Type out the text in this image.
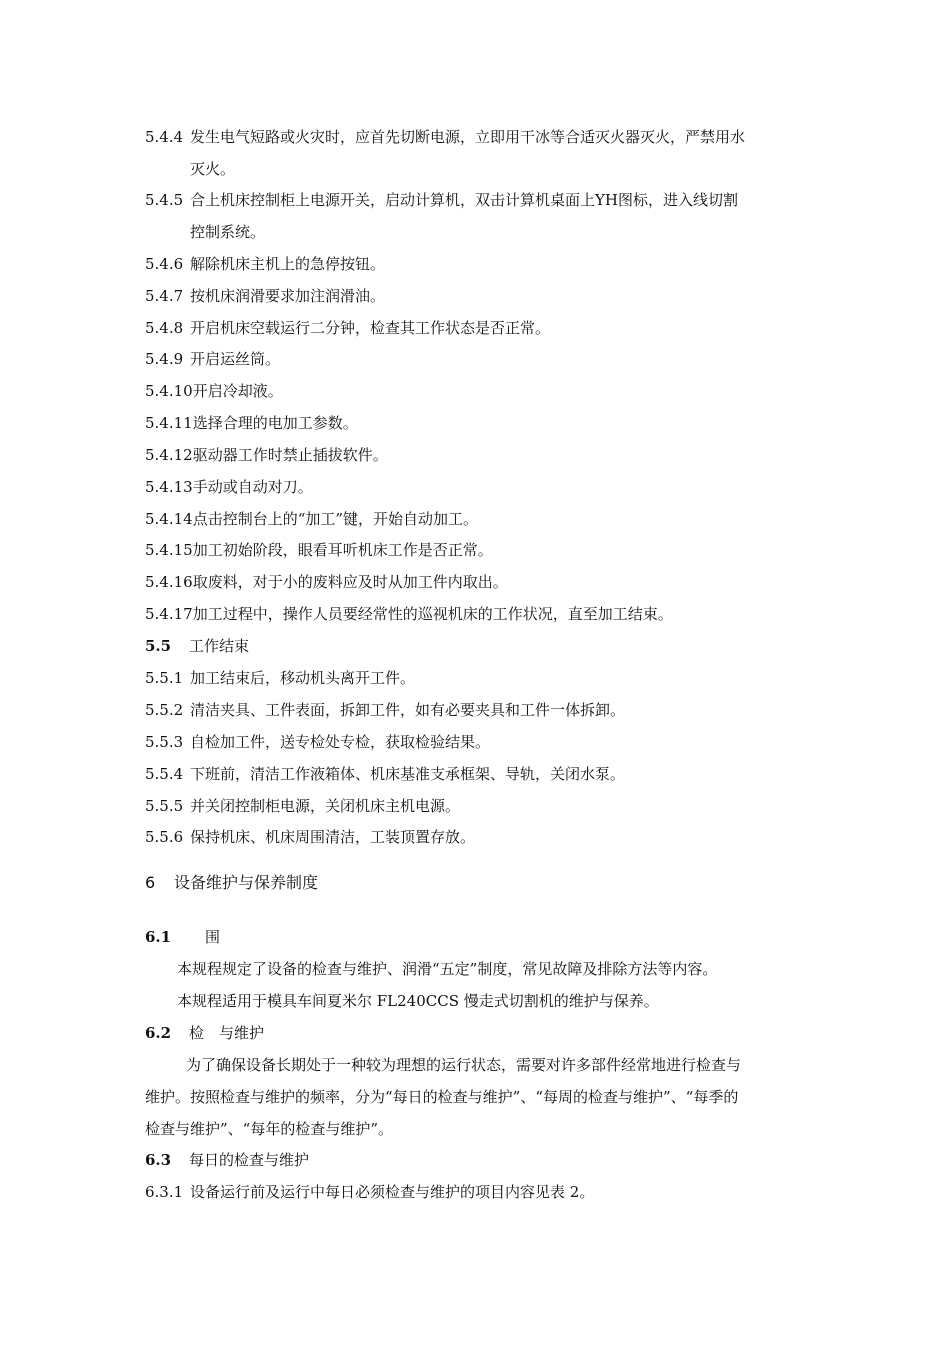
5.4.4 发生电气短路或火灾时，应首先切断电源，立即用干冰等合适灭火器灭火，严禁用水
灭火。
5.4.5 合上机床控制柜上电源开关，启动计算机，双击计算机桌面上YH图标，进入线切割
控制系统。
5.4.6 解除机床主机上的急停按钮。
5.4.7 按机床润滑要求加注润滑油。
5.4.8 开启机床空载运行二分钟，检查其工作状态是否正常。
5.4.9 开启运丝筒。
5.4.10开启冷却液。
5.4.11选择合理的电加工参数。
5.4.12驱动器工作时禁止插拔软件。
5.4.13手动或自动对刀。
5.4.14点击控制台上的“加工”键，开始自动加工。
5.4.15加工初始阶段，眼看耳听机床工作是否正常。
5.4.16取废料，对于小的废料应及时从加工件内取出。
5.4.17加工过程中，操作人员要经常性的巡视机床的工作状况，直至加工结束。
5.5 工作结束
5.5.1 加工结束后，移动机头离开工件。
5.5.2 清洁夹具、工件表面，拆卸工件，如有必要夹具和工件一体拆卸。
5.5.3 自检加工件，送专检处专检，获取检验结果。
5.5.4 下班前，清洁工作液箱体、机床基准支承框架、导轨，关闭水泵。
5.5.5 并关闭控制柜电源，关闭机床主机电源。
5.5.6 保持机床、机床周围清洁，工装顶置存放。
6 设备维护与保养制度
6.1 围
本规程规定了设备的检查与维护、润滑“五定”制度，常见故障及排除方法等内容。
本规程适用于模具车间夏米尔 FL240CCS 慢走式切割机的维护与保养。
6.2 检　与维护
为了确保设备长期处于一种较为理想的运行状态，需要对许多部件经常地进行检查与
维护。按照检查与维护的频率，分为“每日的检查与维护”、“每周的检查与维护”、“每季的
检查与维护”、“每年的检查与维护”。
6.3 每日的检查与维护
6.3.1 设备运行前及运行中每日必须检查与维护的项目内容见表 2。
